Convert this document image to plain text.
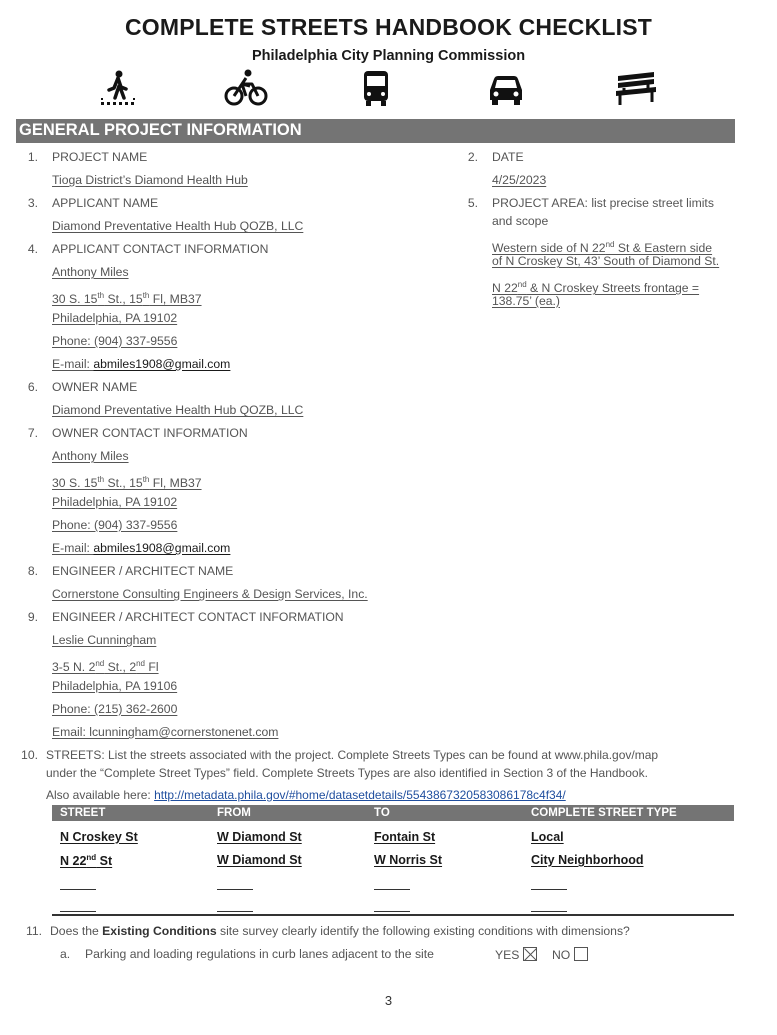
COMPLETE STREETS HANDBOOK CHECKLIST
Philadelphia City Planning Commission
GENERAL PROJECT INFORMATION
1. PROJECT NAME
Tioga District’s Diamond Health Hub
2. DATE
4/25/2023
3. APPLICANT NAME
Diamond Preventative Health Hub QOZB, LLC
4. APPLICANT CONTACT INFORMATION
Anthony Miles
30 S. 15th St., 15th Fl, MB37
Philadelphia, PA 19102
Phone: (904) 337-9556
E-mail: abmiles1908@gmail.com
5. PROJECT AREA: list precise street limits
and scope
Western side of N 22nd St & Eastern side
of N Croskey St, 43’ South of Diamond St.
N 22nd & N Croskey Streets frontage =
138.75’ (ea.)
6. OWNER NAME
Diamond Preventative Health Hub QOZB, LLC
7. OWNER CONTACT INFORMATION
Anthony Miles
30 S. 15th St., 15th Fl, MB37
Philadelphia, PA 19102
Phone: (904) 337-9556
E-mail: abmiles1908@gmail.com
8. ENGINEER / ARCHITECT NAME
Cornerstone Consulting Engineers & Design Services, Inc.
9. ENGINEER / ARCHITECT CONTACT INFORMATION
Leslie Cunningham
3-5 N. 2nd St., 2nd Fl
Philadelphia, PA 19106
Phone: (215) 362-2600
Email: lcunningham@cornerstonenet.com
10. STREETS: List the streets associated with the project. Complete Streets Types can be found at www.phila.gov/map
under the “Complete Street Types” field. Complete Streets Types are also identified in Section 3 of the Handbook.
Also available here: http://metadata.phila.gov/#home/datasetdetails/5543867320583086178c4f34/
STREET	FROM	TO	COMPLETE STREET TYPE
N Croskey St	W Diamond St	Fontain St	Local
N 22nd St	W Diamond St	W Norris St	City Neighborhood
11. Does the Existing Conditions site survey clearly identify the following existing conditions with dimensions?
a. Parking and loading regulations in curb lanes adjacent to the site	YES	NO
3
